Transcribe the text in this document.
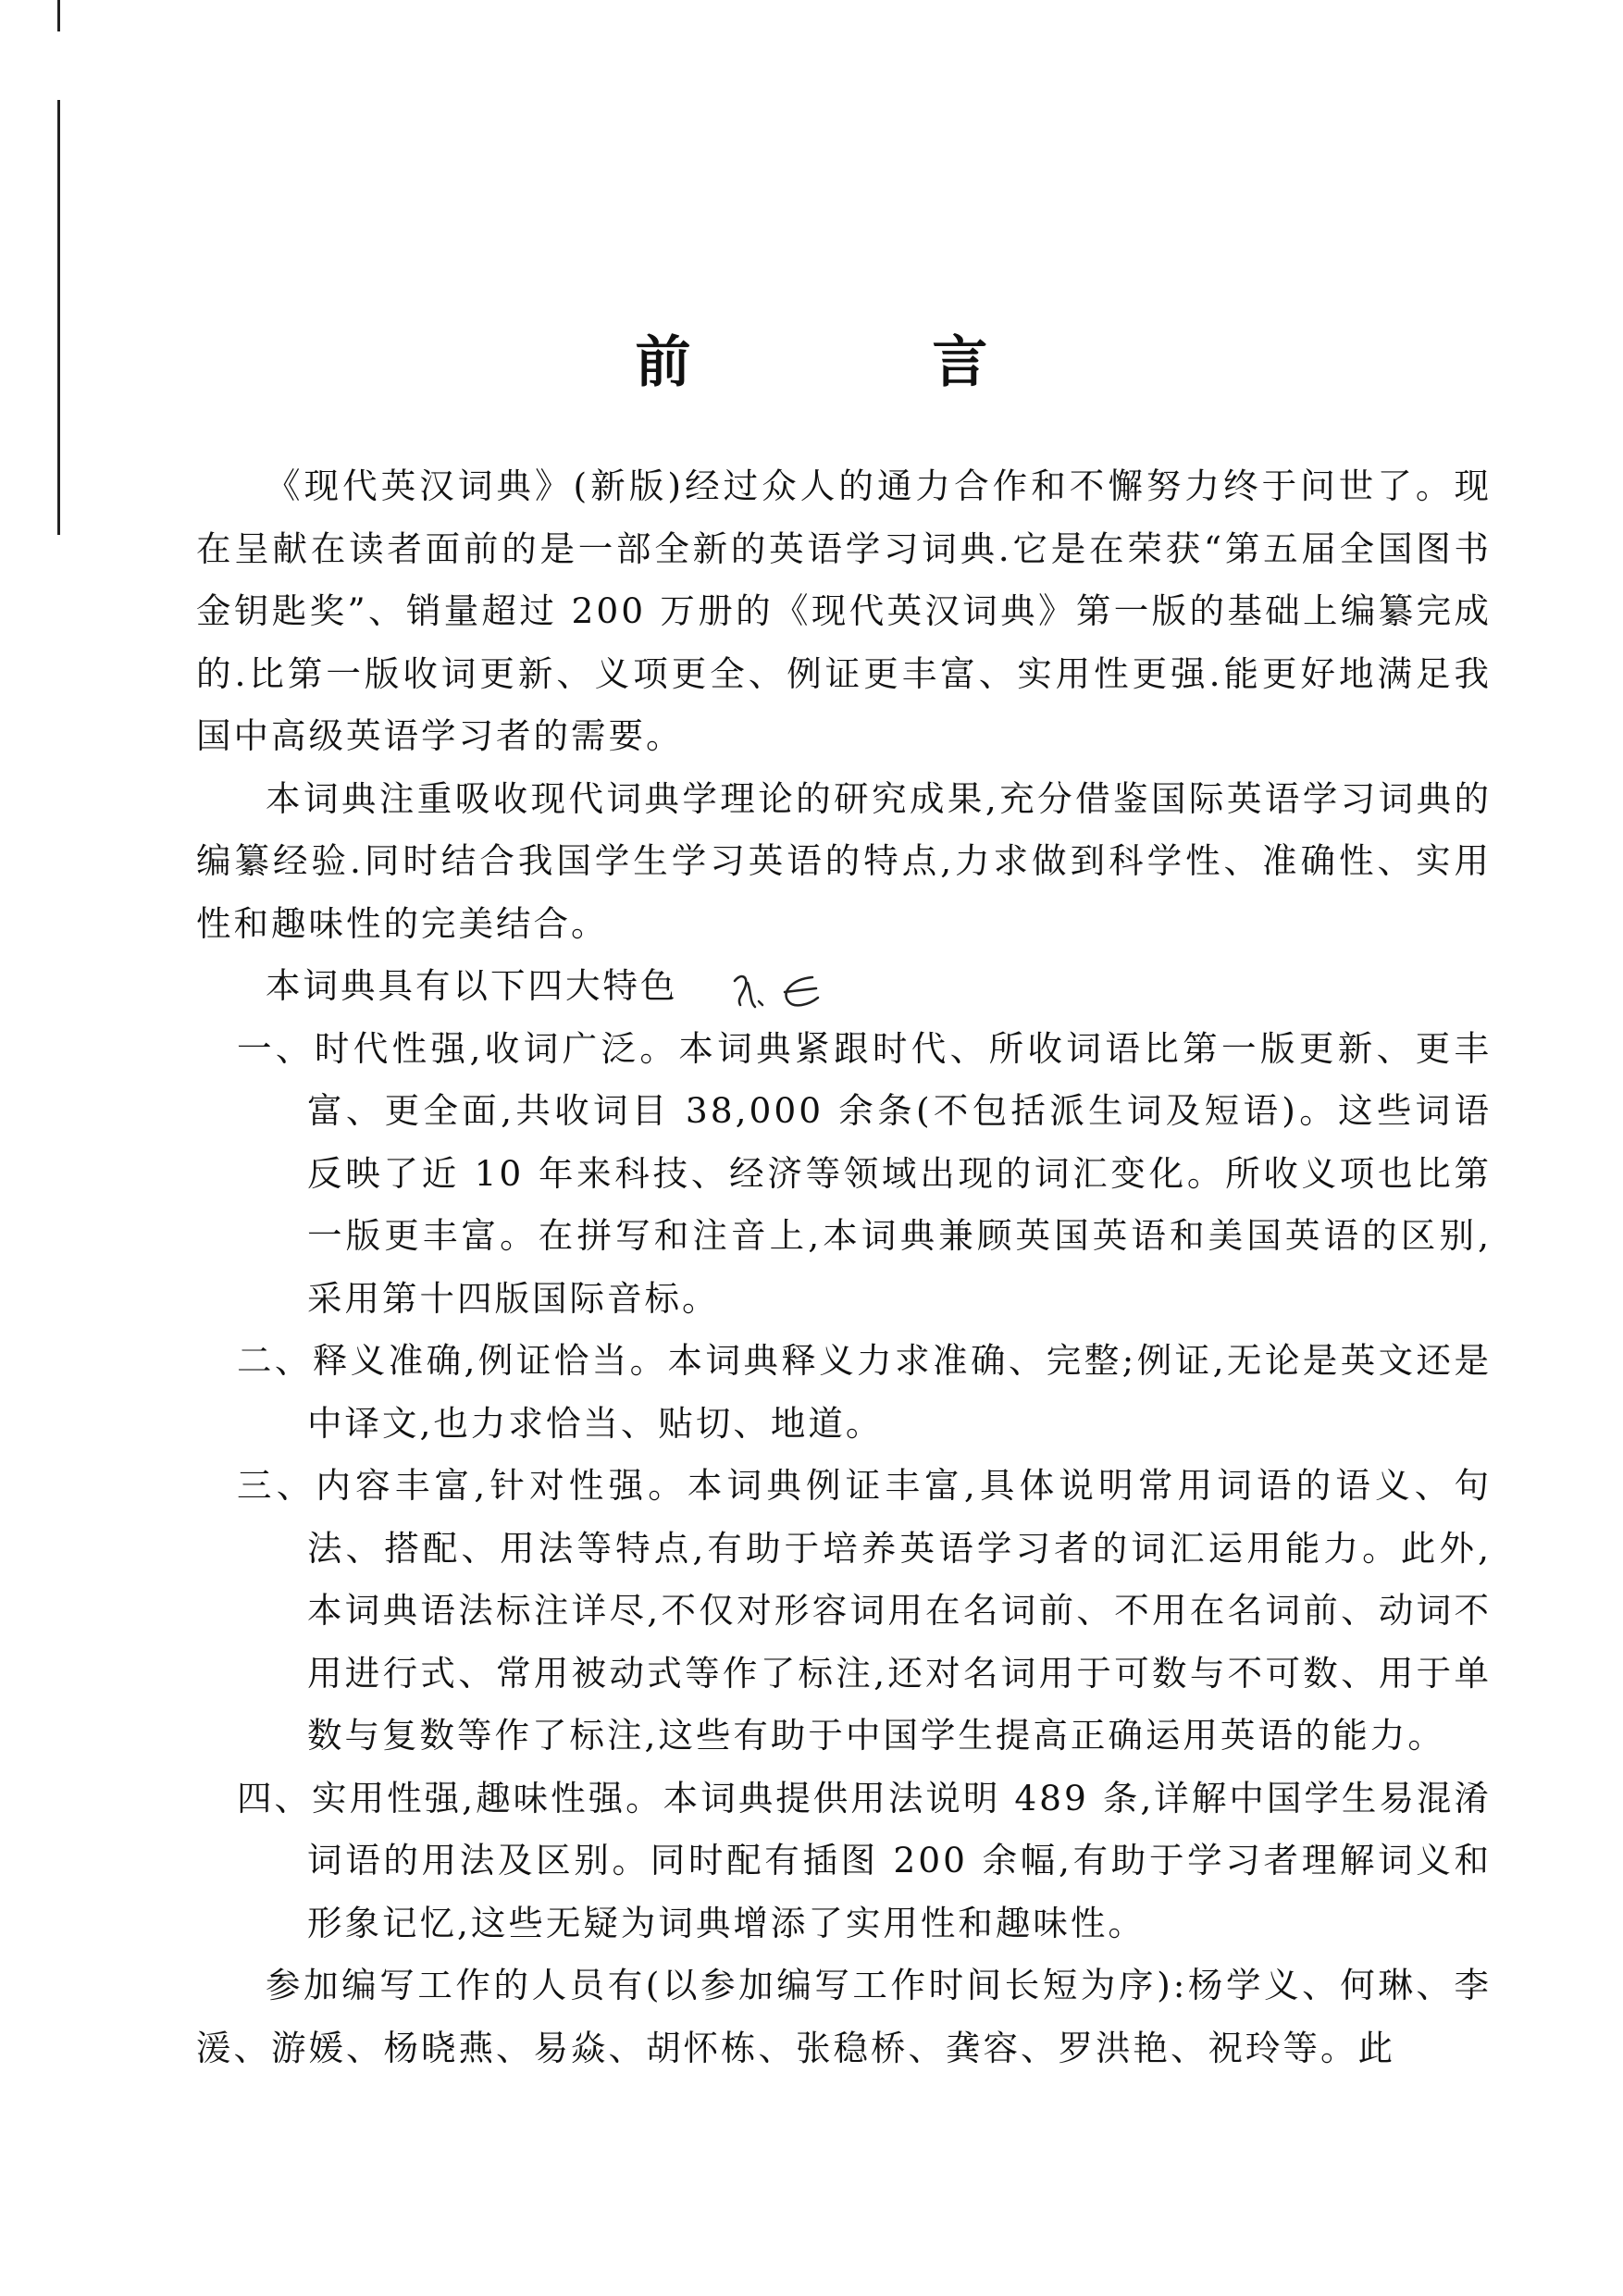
前 言

《现代英汉词典》(新版)经过众人的通力合作和不懈努力终于问世了。现在呈献在读者面前的是一部全新的英语学习词典.它是在荣获“第五届全国图书金钥匙奖”、销量超过 200 万册的《现代英汉词典》第一版的基础上编纂完成的.比第一版收词更新、义项更全、例证更丰富、实用性更强.能更好地满足我国中高级英语学习者的需要。

本词典注重吸收现代词典学理论的研究成果,充分借鉴国际英语学习词典的编纂经验.同时结合我国学生学习英语的特点,力求做到科学性、准确性、实用性和趣味性的完美结合。

本词典具有以下四大特色

一、时代性强,收词广泛。本词典紧跟时代、所收词语比第一版更新、更丰富、更全面,共收词目 38,000 余条(不包括派生词及短语)。这些词语反映了近 10 年来科技、经济等领域出现的词汇变化。所收义项也比第一版更丰富。在拼写和注音上,本词典兼顾英国英语和美国英语的区别,采用第十四版国际音标。
二、释义准确,例证恰当。本词典释义力求准确、完整;例证,无论是英文还是中译文,也力求恰当、贴切、地道。
三、内容丰富,针对性强。本词典例证丰富,具体说明常用词语的语义、句法、搭配、用法等特点,有助于培养英语学习者的词汇运用能力。此外,本词典语法标注详尽,不仅对形容词用在名词前、不用在名词前、动词不用进行式、常用被动式等作了标注,还对名词用于可数与不可数、用于单数与复数等作了标注,这些有助于中国学生提高正确运用英语的能力。
四、实用性强,趣味性强。本词典提供用法说明 489 条,详解中国学生易混淆词语的用法及区别。同时配有插图 200 余幅,有助于学习者理解词义和形象记忆,这些无疑为词典增添了实用性和趣味性。

参加编写工作的人员有(以参加编写工作时间长短为序):杨学义、何琳、李湲、游媛、杨晓燕、易焱、胡怀栋、张稳桥、龚容、罗洪艳、祝玲等。此
